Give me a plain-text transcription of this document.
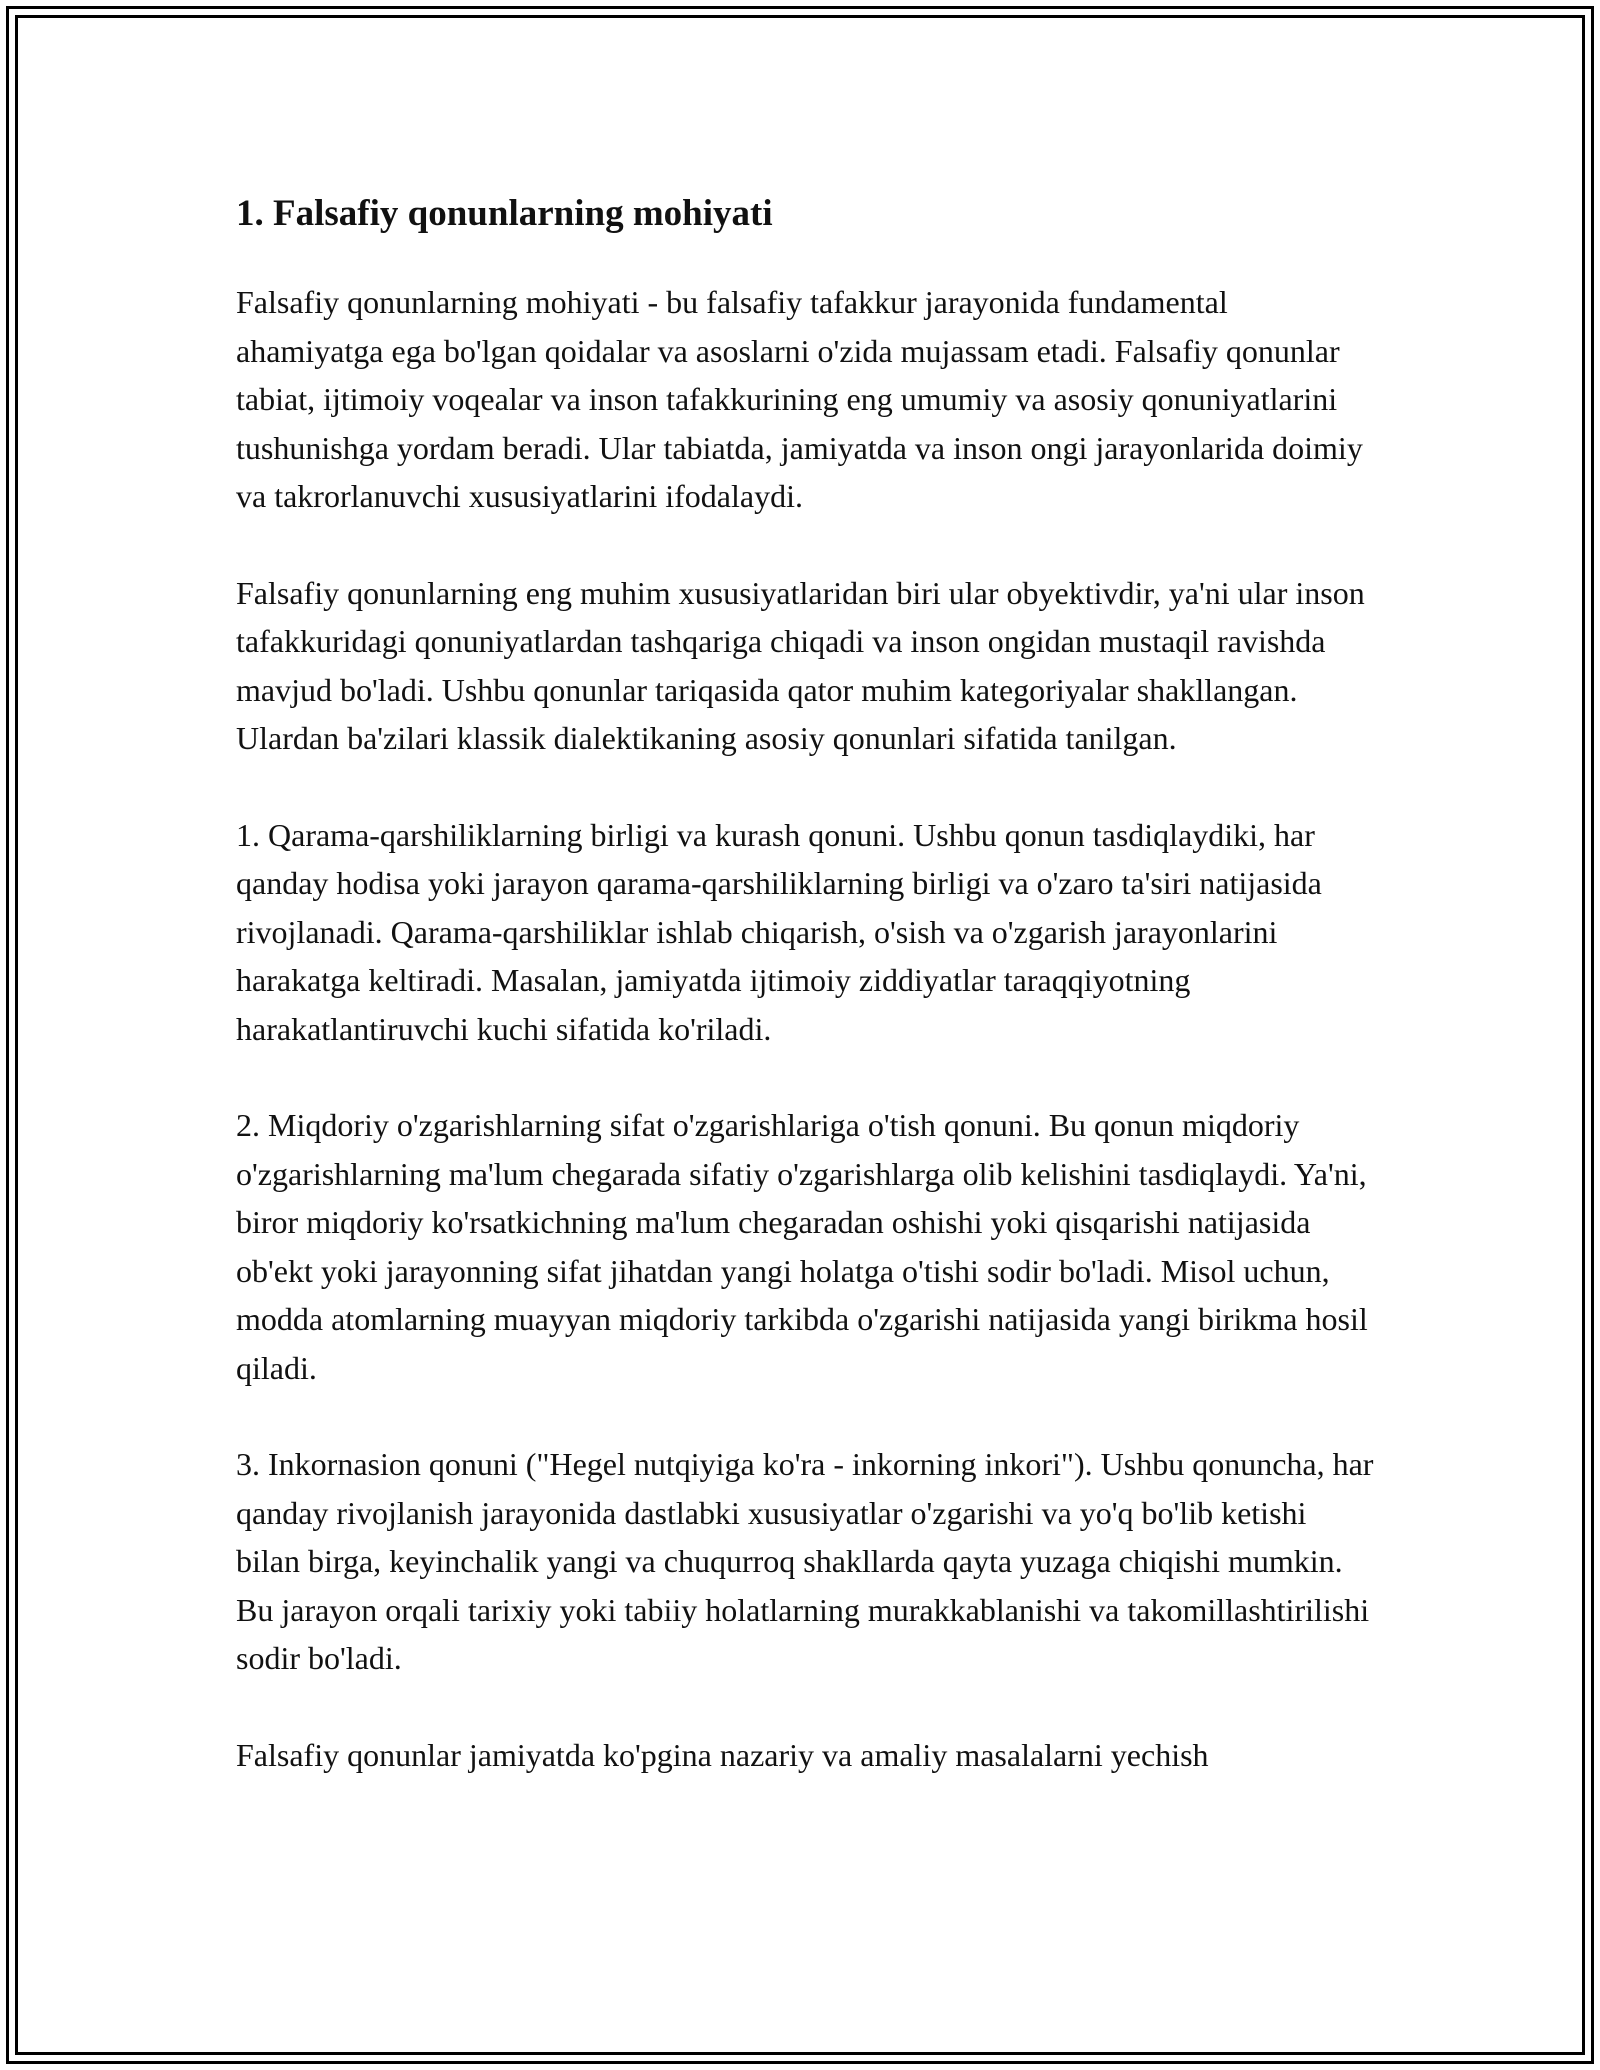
1. Falsafiy qonunlarning mohiyati

Falsafiy qonunlarning mohiyati - bu falsafiy tafakkur jarayonida fundamental ahamiyatga ega bo'lgan qoidalar va asoslarni o'zida mujassam etadi. Falsafiy qonunlar tabiat, ijtimoiy voqealar va inson tafakkurining eng umumiy va asosiy qonuniyatlarini tushunishga yordam beradi. Ular tabiatda, jamiyatda va inson ongi jarayonlarida doimiy va takrorlanuvchi xususiyatlarini ifodalaydi.

Falsafiy qonunlarning eng muhim xususiyatlaridan biri ular obyektivdir, ya'ni ular inson tafakkuridagi qonuniyatlardan tashqariga chiqadi va inson ongidan mustaqil ravishda mavjud bo'ladi. Ushbu qonunlar tariqasida qator muhim kategoriyalar shakllangan. Ulardan ba'zilari klassik dialektikaning asosiy qonunlari sifatida tanilgan.

1. Qarama-qarshiliklarning birligi va kurash qonuni. Ushbu qonun tasdiqlaydiki, har qanday hodisa yoki jarayon qarama-qarshiliklarning birligi va o'zaro ta'siri natijasida rivojlanadi. Qarama-qarshiliklar ishlab chiqarish, o'sish va o'zgarish jarayonlarini harakatga keltiradi. Masalan, jamiyatda ijtimoiy ziddiyatlar taraqqiyotning harakatlantiruvchi kuchi sifatida ko'riladi.

2. Miqdoriy o'zgarishlarning sifat o'zgarishlariga o'tish qonuni. Bu qonun miqdoriy o'zgarishlarning ma'lum chegarada sifatiy o'zgarishlarga olib kelishini tasdiqlaydi. Ya'ni, biror miqdoriy ko'rsatkichning ma'lum chegaradan oshishi yoki qisqarishi natijasida ob'ekt yoki jarayonning sifat jihatdan yangi holatga o'tishi sodir bo'ladi. Misol uchun, modda atomlarning muayyan miqdoriy tarkibda o'zgarishi natijasida yangi birikma hosil qiladi.

3. Inkornasion qonuni ("Hegel nutqiyiga ko'ra - inkorning inkori"). Ushbu qonuncha, har qanday rivojlanish jarayonida dastlabki xususiyatlar o'zgarishi va yo'q bo'lib ketishi bilan birga, keyinchalik yangi va chuqurroq shakllarda qayta yuzaga chiqishi mumkin. Bu jarayon orqali tarixiy yoki tabiiy holatlarning murakkablanishi va takomillashtirilishi sodir bo'ladi.

Falsafiy qonunlar jamiyatda ko'pgina nazariy va amaliy masalalarni yechish
